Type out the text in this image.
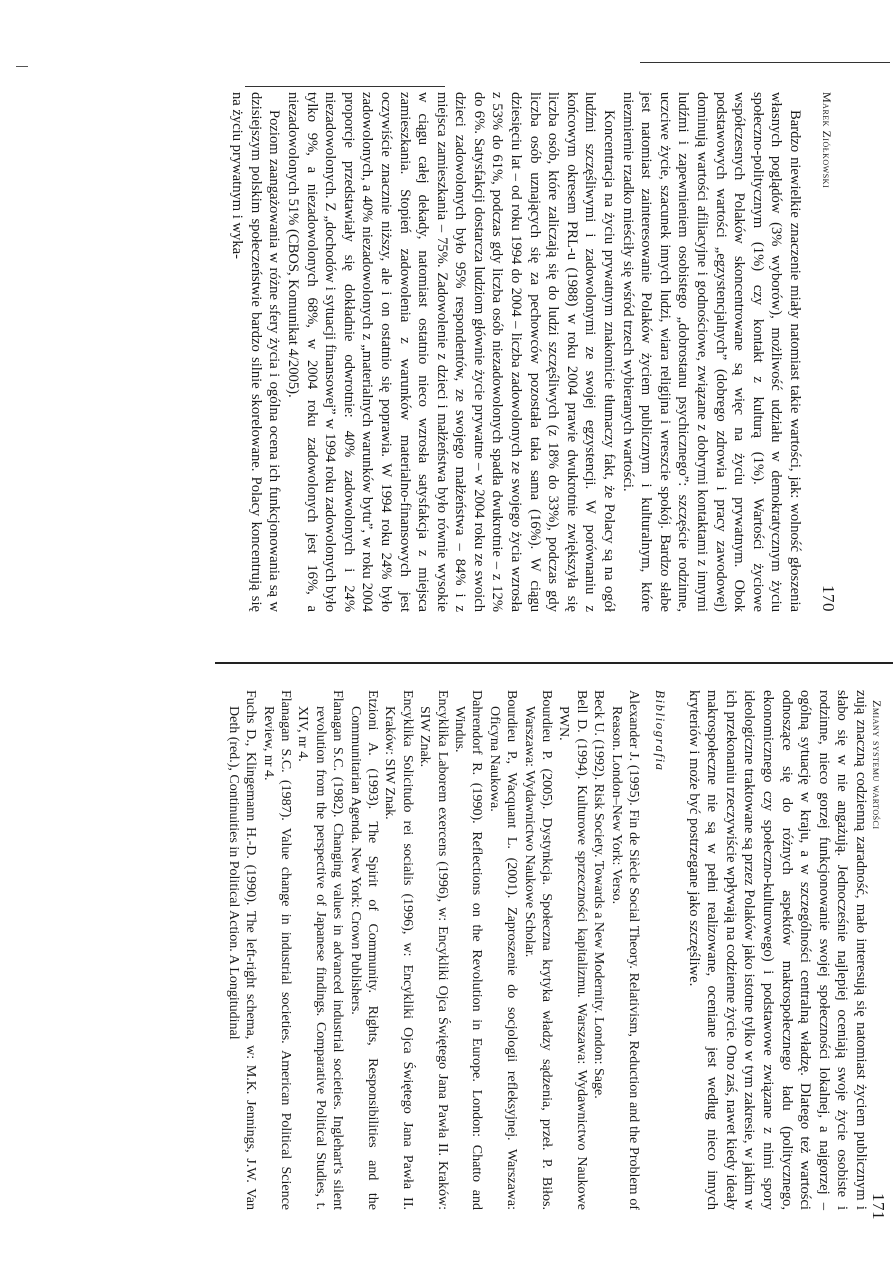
Marek Ziółkowski
170

Bardzo niewielkie znaczenie miały natomiast takie wartości, jak: wolność głoszenia własnych poglądów (3% wyborów), możliwość udziału w demokratycznym życiu społeczno-politycznym (1%) czy kontakt z kulturą (1%). Wartości życiowe współczesnych Polaków skoncentrowane są więc na życiu prywatnym. Obok podstawowych wartości „egzystencjalnych” (dobrego zdrowia i pracy zawodowej) dominują wartości afiliacyjne i godnościowe, związane z dobrymi kontaktami z innymi ludźmi i zapewnieniem osobistego „dobrostanu psychicznego”: szczęście rodzinne, uczciwe życie, szacunek innych ludzi, wiara religijna i wreszcie spokój. Bardzo słabe jest natomiast zainteresowanie Polaków życiem publicznym i kulturalnym, które niezmiernie rzadko mieściły się wśród trzech wybieranych wartości.

Koncentracja na życiu prywatnym znakomicie tłumaczy fakt, że Polacy są na ogół ludźmi szczęśliwymi i zadowolonymi ze swojej egzystencji. W porównaniu z końcowym okresem PRL-u (1988) w roku 2004 prawie dwukrotnie zwiększyła się liczba osób, które zaliczają się do ludzi szczęśliwych (z 18% do 33%), podczas gdy liczba osób uznających się za pechowców pozostała taka sama (16%). W ciągu dziesięciu lat – od roku 1994 do 2004 – liczba zadowolonych ze swojego życia wzrosła z 53% do 61%, podczas gdy liczba osób niezadowolonych spadła dwukrotnie – z 12% do 6%. Satysfakcji dostarcza ludziom głównie życie prywatne – w 2004 roku ze swoich dzieci zadowolonych było 95% respondentów, ze swojego małżeństwa – 84% i z miejsca zamieszkania – 75%. Zadowolenie z dzieci i małżeństwa było równie wysokie w ciągu całej dekady, natomiast ostatnio nieco wzrosła satysfakcja z miejsca zamieszkania. Stopień zadowolenia z warunków materialno-finansowych jest oczywiście znacznie niższy, ale i on ostatnio się poprawia. W 1994 roku 24% było zadowolonych, a 40% niezadowolonych z „materialnych warunków bytu”, w roku 2004 proporcje przedstawiały się dokładnie odwrotnie: 40% zadowolonych i 24% niezadowolonych. Z „dochodów i sytuacji finansowej” w 1994 roku zadowolonych było tylko 9%, a niezadowolonych 68%, w 2004 roku zadowolonych jest 16%, a niezadowolonych 51% (CBOS, Komunikat 4/2005).

Poziom zaangażowania w różne sfery życia i ogólna ocena ich funkcjonowania są w dzisiejszym polskim społeczeństwie bardzo silnie skorelowane. Polacy koncentrują się na życiu prywatnym i wyka-

zują znaczną codzienną zaradność, mało interesują się natomiast życiem publicznym i słabo się w nie angażują. Jednocześnie najlepiej oceniają swoje życie osobiste i rodzinne, nieco gorzej funkcjonowanie swojej społeczności lokalnej, a najgorzej – ogólną sytuację w kraju, a w szczególności centralną władzę. Dlatego też wartości odnoszące się do różnych aspektów makrospołecznego ładu (politycznego, ekonomicznego czy społeczno-kulturowego) i podstawowe związane z nimi spory ideologiczne traktowane są przez Polaków jako istotne tylko w tym zakresie, w jakim w ich przekonaniu rzeczywiście wpływają na codzienne życie. Ono zaś, nawet kiedy ideały makrospołeczne nie są w pełni realizowane, oceniane jest według nieco innych kryteriów i może być postrzegane jako szczęśliwe.

Bibliografia

Alexander J. (1995). Fin de Siècle Social Theory. Relativism, Reduction and the Problem of Reason. London–New York: Verso.

Beck U. (1992). Risk Society. Towards a New Modernity. London: Sage.

Bell D. (1994). Kulturowe sprzeczności kapitalizmu. Warszawa: Wydawnictwo Naukowe PWN.

Bourdieu P. (2005). Dystynkcja. Społeczna krytyka władzy sądzenia, przeł. P. Biłos. Warszawa: Wydawnictwo Naukowe Scholar.

Bourdieu P., Wacquant L. (2001). Zaproszenie do socjologii refleksyjnej. Warszawa: Oficyna Naukowa.

Dahrendorf R. (1990). Reflections on the Revolution in Europe. London: Chatto and Windus.

Encyklika Laborem exercens (1996), w: Encykliki Ojca Świętego Jana Pawła II. Kraków: SIW Znak.

Encyklika Solicitudo rei socialis (1996), w: Encykliki Ojca Świętego Jana Pawła II. Kraków: SIW Znak.

Etzioni A. (1993). The Spirit of Community. Rights, Responsibilities and the Communitarian Agenda. New York: Crown Publishers.

Flanagan S.C. (1982). Changing values in advanced industrial societies. Inglehart's silent revolution from the perspective of Japanese findings. Comparative Political Studies, t. XIV, nr 4.

Flanagan S.C. (1987). Value change in industrial societies. American Political Science Review, nr 4.

Fuchs D., Klingemann H.-D. (1990). The left-right schema, w: M.K. Jennings, J.W. Van Deth (red.), Continuities in Political Action. A Longitudinal	Zmiany systemu wartości
171
